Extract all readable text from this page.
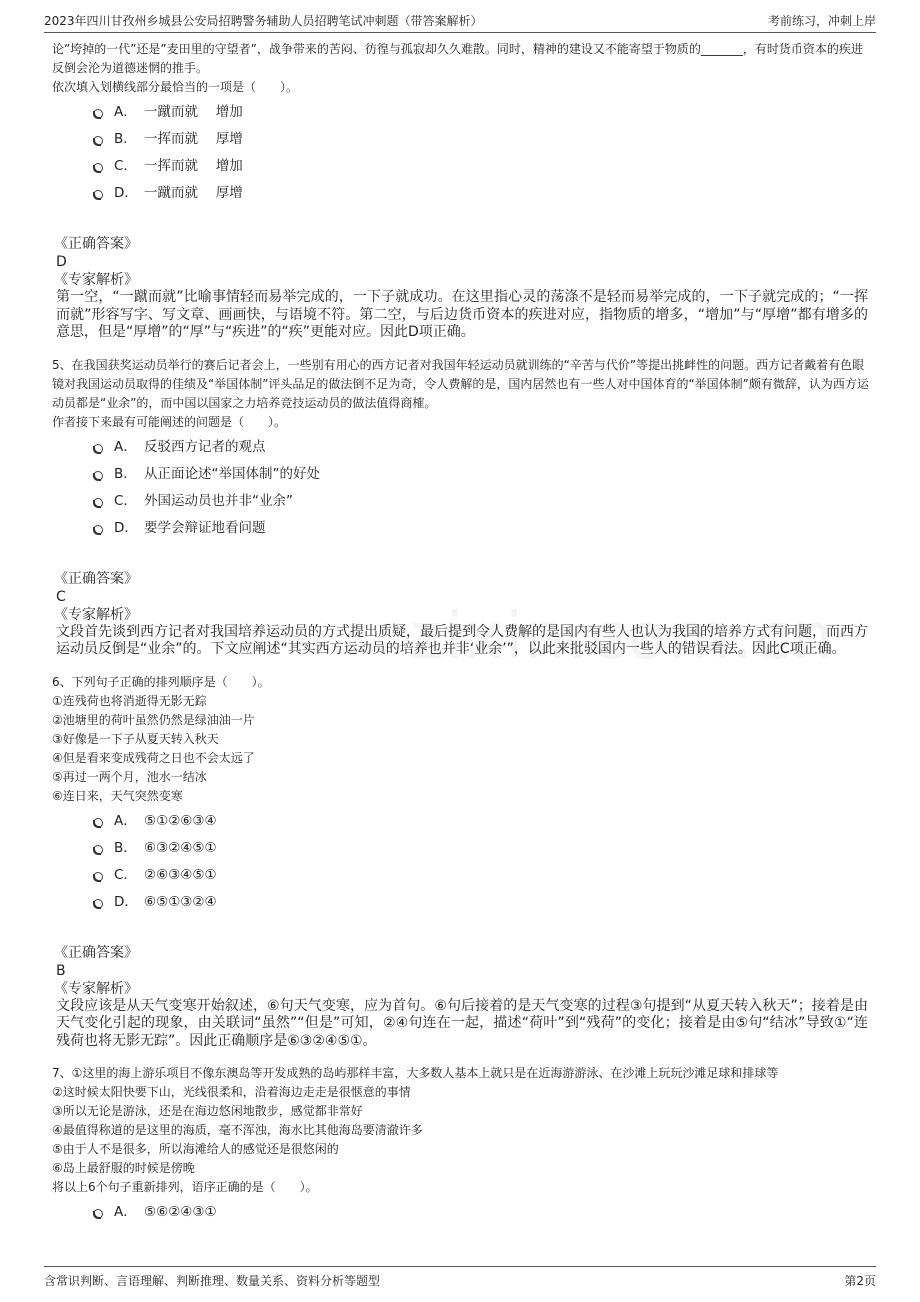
2023年四川甘孜州乡城县公安局招聘警务辅助人员招聘笔试冲刺题（带答案解析）	考前练习，冲刺上岸

论”垮掉的一代”还是”麦田里的守望者”，战争带来的苦闷、彷徨与孤寂却久久难散。同时，精神的建设又不能寄望于物质的_______，有时货币资本的疾进反倒会沦为道德迷惘的推手。

依次填入划横线部分最恰当的一项是（　　）。

A． 一蹴而就　 增加
B． 一挥而就　 厚增
C． 一挥而就　 增加
D． 一蹴而就　 厚增
《正确答案》
D
《专家解析》
第一空，“一蹴而就”比喻事情轻而易举完成的，一下子就成功。在这里指心灵的荡涤不是轻而易举完成的，一下子就完成的；“一挥而就”形容写字、写文章、画画快，与语境不符。第二空，与后边货币资本的疾进对应，指物质的增多，“增加”与“厚增”都有增多的意思，但是“厚增”的“厚”与“疾进”的“疾”更能对应。因此D项正确。

5、在我国获奖运动员举行的赛后记者会上，一些别有用心的西方记者对我国年轻运动员就训练的“辛苦与代价”等提出挑衅性的问题。西方记者戴着有色眼镜对我国运动员取得的佳绩及“举国体制”评头品足的做法倒不足为奇，令人费解的是，国内居然也有一些人对中国体育的“举国体制”颇有微辞，认为西方运动员都是“业余”的，而中国以国家之力培养竞技运动员的做法值得商榷。

作者接下来最有可能阐述的问题是（　　）。

A． 反驳西方记者的观点
B． 从正面论述“举国体制”的好处
C． 外国运动员也并非“业余”
D． 要学会辩证地看问题
《正确答案》
C
《专家解析》
文段首先谈到西方记者对我国培养运动员的方式提出质疑，最后提到令人费解的是国内有些人也认为我国的培养方式有问题，而西方运动员反倒是“业余”的。下文应阐述“其实西方运动员的培养也并非‘业余’”，以此来批驳国内一些人的错误看法。因此C项正确。

6、下列句子正确的排列顺序是（　　）。

①连残荷也将消逝得无影无踪

②池塘里的荷叶虽然仍然是绿油油一片

③好像是一下子从夏天转入秋天

④但是看来变成残荷之日也不会太远了

⑤再过一两个月，池水一结冰

⑥连日来，天气突然变寒

A． ⑤①②⑥③④
B． ⑥③②④⑤①
C． ②⑥③④⑤①
D． ⑥⑤①③②④
《正确答案》
B
《专家解析》
文段应该是从天气变寒开始叙述，⑥句天气变寒，应为首句。⑥句后接着的是天气变寒的过程③句提到“从夏天转入秋天”；接着是由天气变化引起的现象，由关联词“虽然”“但是”可知，②④句连在一起，描述“荷叶”到“残荷”的变化；接着是由⑤句“结冰”导致①“连残荷也将无影无踪”。因此正确顺序是⑥③②④⑤①。

7、①这里的海上游乐项目不像东澳岛等开发成熟的岛屿那样丰富，大多数人基本上就只是在近海游游泳、在沙滩上玩玩沙滩足球和排球等

②这时候太阳快要下山，光线很柔和，沿着海边走走是很惬意的事情

③所以无论是游泳，还是在海边悠闲地散步，感觉都非常好

④最值得称道的是这里的海质，毫不浑浊，海水比其他海岛要清澈许多

⑤由于人不是很多，所以海滩给人的感觉还是很悠闲的

⑥岛上最舒服的时候是傍晚

将以上6个句子重新排列，语序正确的是（　　）。

A． ⑤⑥②④③①
含常识判断、言语理解、判断推理、数量关系、资料分析等题型	第2页
